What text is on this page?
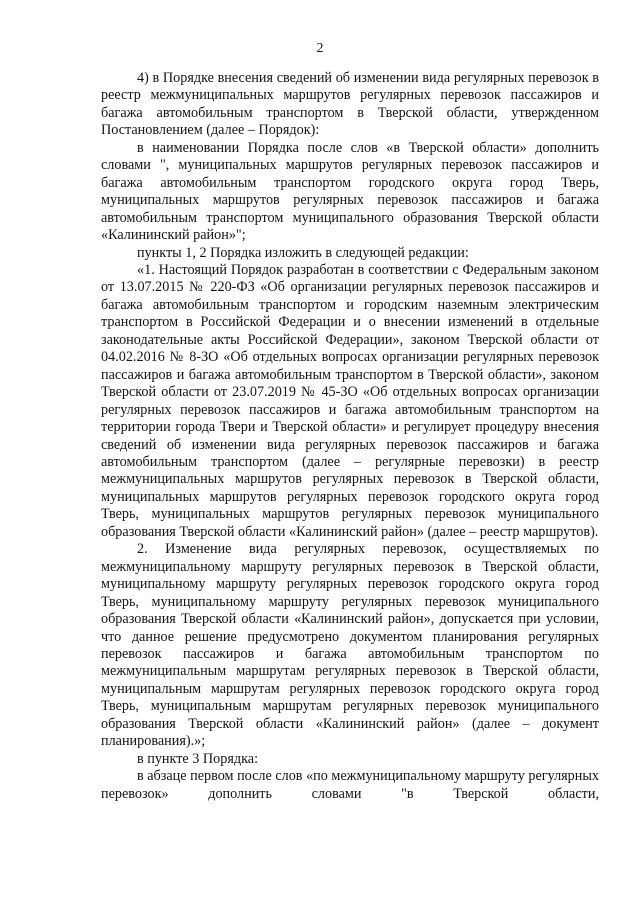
2

4) в Порядке внесения сведений об изменении вида регулярных перевозок в реестр межмуниципальных маршрутов регулярных перевозок пассажиров и багажа автомобильным транспортом в Тверской области, утвержденном Постановлением (далее – Порядок):

в наименовании Порядка после слов «в Тверской области» дополнить словами ", муниципальных маршрутов регулярных перевозок пассажиров и багажа автомобильным транспортом городского округа город Тверь, муниципальных маршрутов регулярных перевозок пассажиров и багажа автомобильным транспортом муниципального образования Тверской области «Калининский район»";

пункты 1, 2 Порядка изложить в следующей редакции:

«1. Настоящий Порядок разработан в соответствии с Федеральным законом от 13.07.2015 № 220-ФЗ «Об организации регулярных перевозок пассажиров и багажа автомобильным транспортом и городским наземным электрическим транспортом в Российской Федерации и о внесении изменений в отдельные законодательные акты Российской Федерации», законом Тверской области от 04.02.2016 № 8-ЗО «Об отдельных вопросах организации регулярных перевозок пассажиров и багажа автомобильным транспортом в Тверской области», законом Тверской области от 23.07.2019 № 45-ЗО «Об отдельных вопросах организации регулярных перевозок пассажиров и багажа автомобильным транспортом на территории города Твери и Тверской области» и регулирует процедуру внесения сведений об изменении вида регулярных перевозок пассажиров и багажа автомобильным транспортом (далее – регулярные перевозки) в реестр межмуниципальных маршрутов регулярных перевозок в Тверской области, муниципальных маршрутов регулярных перевозок городского округа город Тверь, муниципальных маршрутов регулярных перевозок муниципального образования Тверской области «Калининский район» (далее – реестр маршрутов).

2. Изменение вида регулярных перевозок, осуществляемых по межмуниципальному маршруту регулярных перевозок в Тверской области, муниципальному маршруту регулярных перевозок городского округа город Тверь, муниципальному маршруту регулярных перевозок муниципального образования Тверской области «Калининский район», допускается при условии, что данное решение предусмотрено документом планирования регулярных перевозок пассажиров и багажа автомобильным транспортом по межмуниципальным маршрутам регулярных перевозок в Тверской области, муниципальным маршрутам регулярных перевозок городского округа город Тверь, муниципальным маршрутам регулярных перевозок муниципального образования Тверской области «Калининский район» (далее – документ планирования).»;

в пункте 3 Порядка:

в абзаце первом после слов «по межмуниципальному маршруту регулярных перевозок» дополнить словами "в Тверской области,
